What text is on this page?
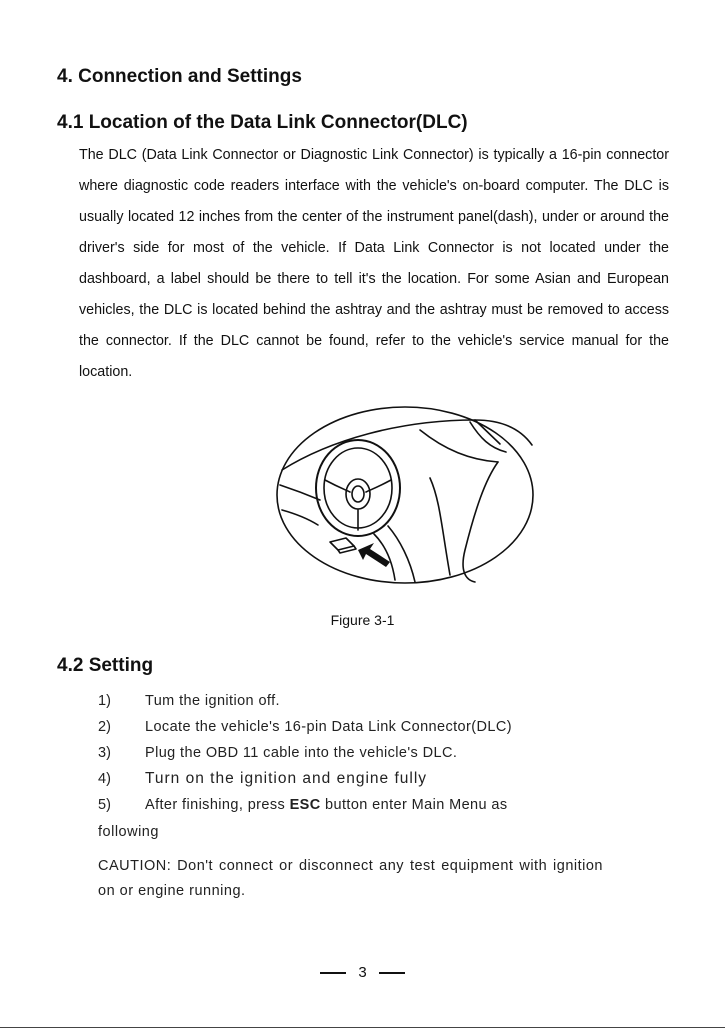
4. Connection and Settings
4.1 Location of the Data Link Connector(DLC)

The DLC (Data Link Connector or Diagnostic Link Connector) is typically a 16-pin connector where diagnostic code readers interface with the vehicle's on-board computer. The DLC is usually located 12 inches from the center of the instrument panel(dash), under or around the driver's side for most of the vehicle. If Data Link Connector is not located under the dashboard, a label should be there to tell it's the location. For some Asian and European vehicles, the DLC is located behind the ashtray and the ashtray must be removed to access the connector. If the DLC cannot be found, refer to the vehicle's service manual for the location.

Figure 3-1
4.2 Setting
1) Tum the ignition off.
2) Locate the vehicle's 16-pin Data Link Connector(DLC)
3) Plug the OBD 11 cable into the vehicle's DLC.
4) Turn on the ignition and engine fully
5) After finishing, press ESC button enter Main Menu as
following

CAUTION: Don't connect or disconnect any test equipment with ignition on or engine running.

3
